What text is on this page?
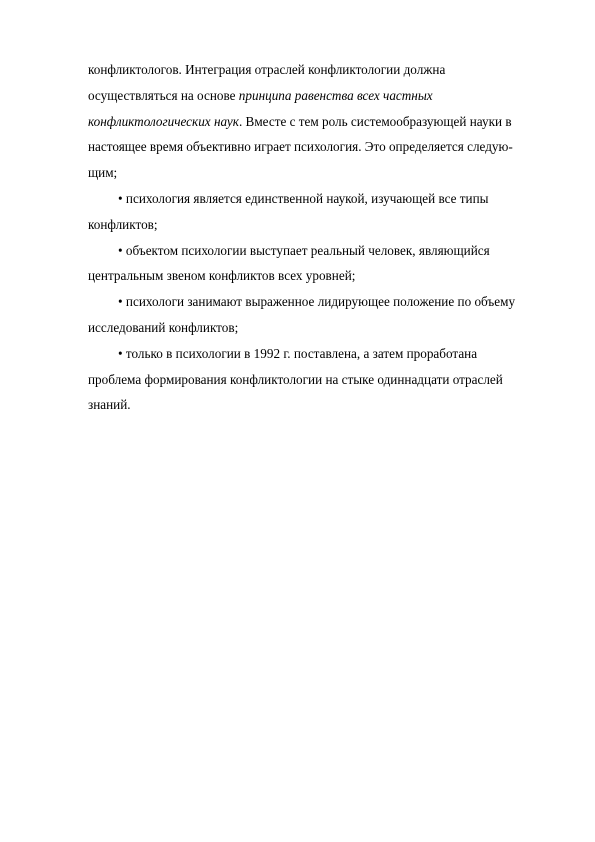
конфликтологов. Интеграция отраслей конфликтологии должна
осуществляться на основе принципа равенства всех частных
конфликтологических наук. Вместе с тем роль системообразующей науки в
настоящее время объективно играет психология. Это определяется следую-
щим;
• психология является единственной наукой, изучающей все типы
конфликтов;
• объектом психологии выступает реальный человек, являющийся
центральным звеном конфликтов всех уровней;
• психологи занимают выраженное лидирующее положение по объему
исследований конфликтов;
• только в психологии в 1992 г. поставлена, а затем проработана
проблема формирования конфликтологии на стыке одиннадцати отраслей
знаний.
